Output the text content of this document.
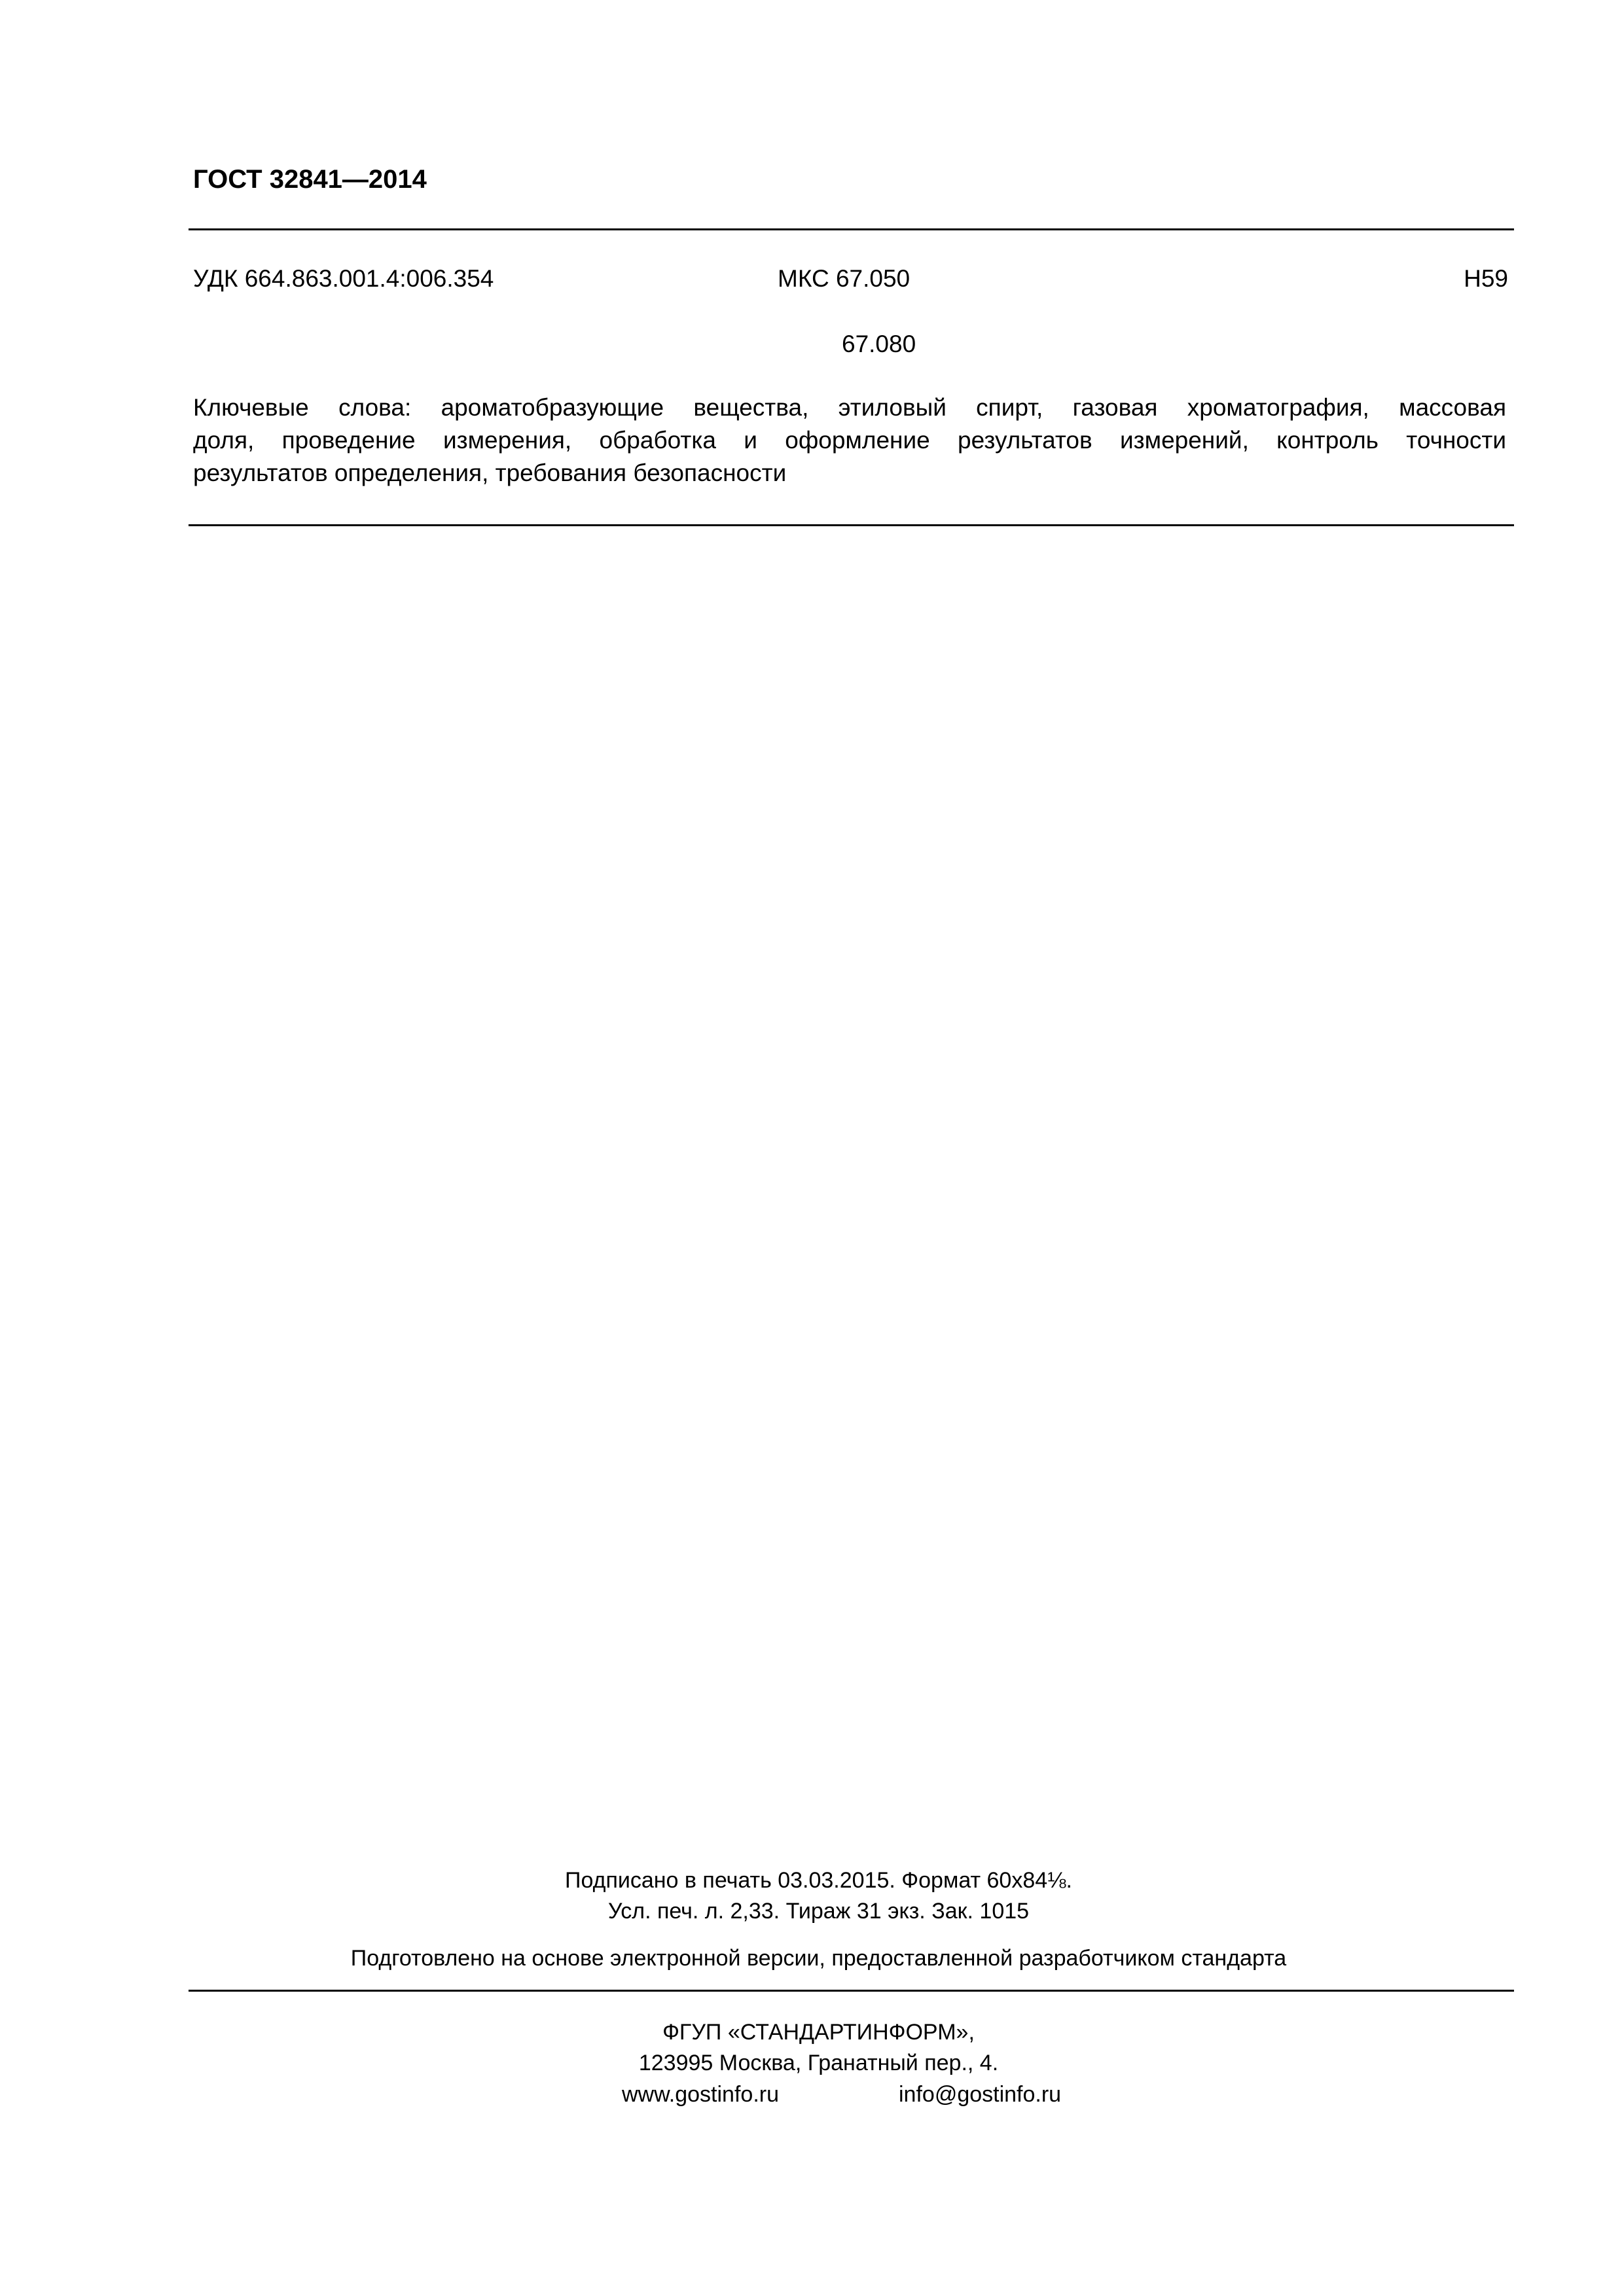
ГОСТ 32841—2014
УДК 664.863.001.4:006.354	МКС 67.050	Н59
67.080
Ключевые слова: ароматобразующие вещества, этиловый спирт, газовая хроматография, массовая
доля, проведение измерения, обработка и оформление результатов измерений, контроль точности
результатов определения, требования безопасности
Подписано в печать 03.03.2015. Формат 60x84⅛.
Усл. печ. л. 2,33. Тираж 31 экз. Зак. 1015
Подготовлено на основе электронной версии, предоставленной разработчиком стандарта
ФГУП «СТАНДАРТИНФОРМ»,
123995 Москва, Гранатный пер., 4.
www.gostinfo.ru	info@gostinfo.ru
